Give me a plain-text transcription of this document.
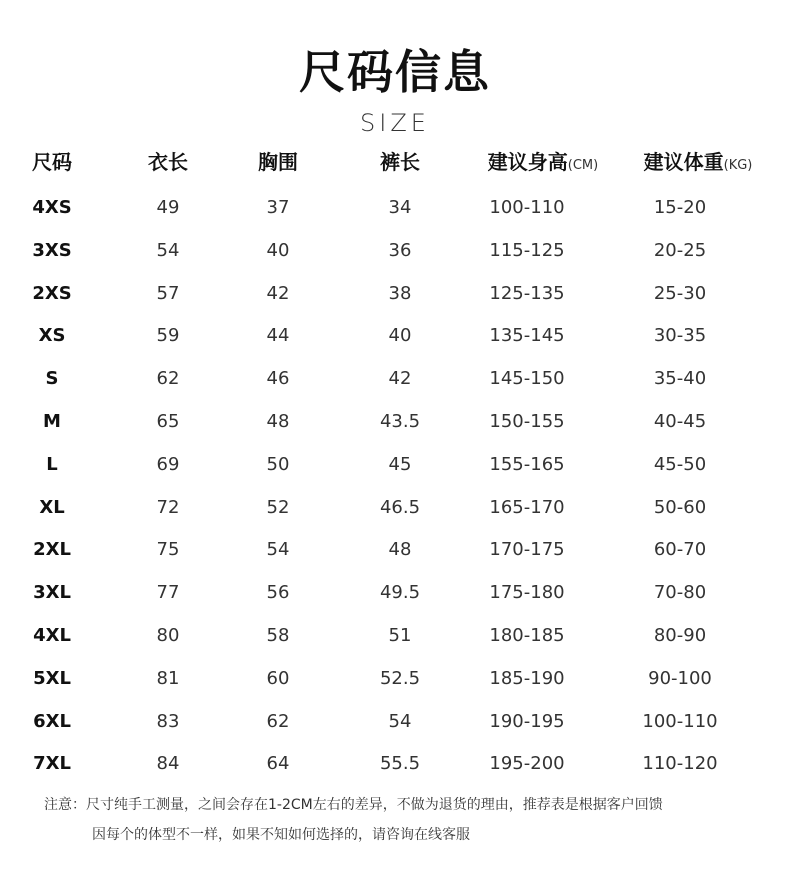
尺码信息
SIZE
尺码	衣长	胸围	裤长	建议身高(CM) 建议体重(KG)
4XS	49	37	34	100-110	15-20
3XS	54	40	36	115-125	20-25
2XS	57	42	38	125-135	25-30
XS	59	44	40	135-145	30-35
S	62	46	42	145-150	35-40
M	65	48	43.5	150-155	40-45
L	69	50	45	155-165	45-50
XL	72	52	46.5	165-170	50-60
2XL	75	54	48	170-175	60-70
3XL	77	56	49.5	175-180	70-80
4XL	80	58	51	180-185	80-90
5XL	81	60	52.5	185-190	90-100
6XL	83	62	54	190-195	100-110
7XL	84	64	55.5	195-200	110-120
注意：尺寸纯手工测量，之间会存在1-2CM左右的差异，不做为退货的理由，推荐表是根据客户回馈
因每个的体型不一样，如果不知如何选择的，请咨询在线客服
